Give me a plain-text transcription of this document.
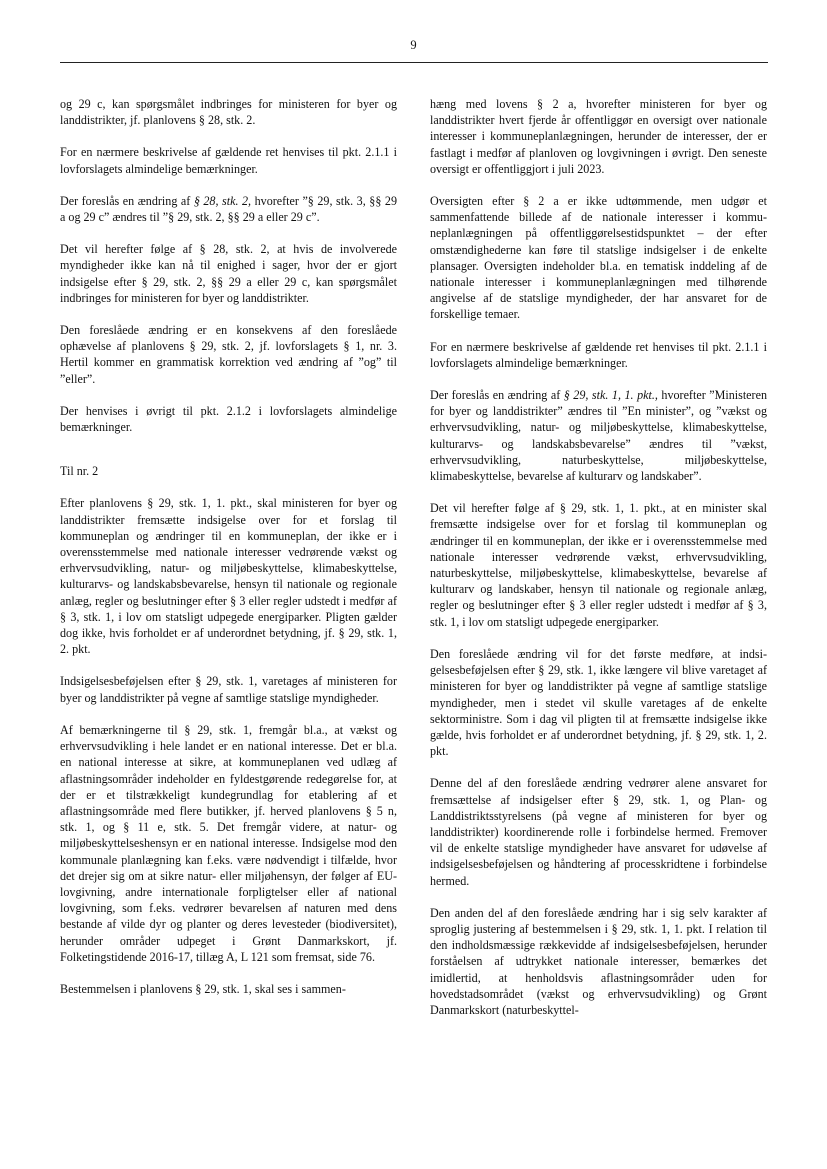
9

og 29 c, kan spørgsmålet indbringes for ministeren for byer og landdistrikter, jf. planlovens § 28, stk. 2.

For en nærmere beskrivelse af gældende ret henvises til pkt. 2.1.1 i lovforslagets almindelige bemærkninger.

Der foreslås en ændring af § 28, stk. 2, hvorefter ”§ 29, stk. 3, §§ 29 a og 29 c” ændres til ”§ 29, stk. 2, §§ 29 a eller 29 c”.

Det vil herefter følge af § 28, stk. 2, at hvis de involverede myndigheder ikke kan nå til enighed i sager, hvor der er gjort indsigelse efter § 29, stk. 2, §§ 29 a eller 29 c, kan spørgsmålet indbringes for ministeren for byer og landdistrikter.

Den foreslåede ændring er en konsekvens af den foreslåede ophævelse af planlovens § 29, stk. 2, jf. lovforslagets § 1, nr. 3. Hertil kommer en grammatisk korrektion ved ændring af ”og” til ”eller”.

Der henvises i øvrigt til pkt. 2.1.2 i lovforslagets almindelige bemærkninger.

Til nr. 2

Efter planlovens § 29, stk. 1, 1. pkt., skal ministeren for byer og landdistrikter fremsætte indsigelse over for et forslag til kommuneplan og ændringer til en kommuneplan, der ikke er i overensstemmelse med nationale interesser vedrørende vækst og erhvervsudvikling, natur- og miljøbeskyttelse, klimabeskyttelse, kulturarvs- og landskabsbevarelse, hensyn til nationale og regionale anlæg, regler og beslutninger efter § 3 eller regler udstedt i medfør af § 3, stk. 1, i lov om statsligt udpegede energiparker. Pligten gælder dog ikke, hvis forholdet er af underordnet betydning, jf. § 29, stk. 1, 2. pkt.

Indsigelsesbeføjelsen efter § 29, stk. 1, varetages af ministeren for byer og landdistrikter på vegne af samtlige statslige myndigheder.

Af bemærkningerne til § 29, stk. 1, fremgår bl.a., at vækst og erhvervsudvikling i hele landet er en national interesse. Det er bl.a. en national interesse at sikre, at kommuneplanen ved udlæg af aflastningsområder indeholder en fyldestgørende redegørelse for, at der er et tilstrækkeligt kundegrundlag for etablering af et aflastningsområde med flere butikker, jf. herved planlovens § 5 n, stk. 1, og § 11 e, stk. 5. Det fremgår videre, at natur- og miljøbeskyttelseshensyn er en national interesse. Indsigelse mod den kommunale planlægning kan f.eks. være nødvendigt i tilfælde, hvor det drejer sig om at sikre natur- eller miljøhensyn, der følger af EU-lovgivning, andre internationale forpligtelser eller af national lovgivning, som f.eks. vedrører bevarelsen af naturen med dens bestande af vilde dyr og planter og deres levesteder (biodiversitet), herunder områder udpeget i Grønt Danmarkskort, jf. Folketingstidende 2016-17, tillæg A, L 121 som fremsat, side 76.

Bestemmelsen i planlovens § 29, stk. 1, skal ses i sammen-

hæng med lovens § 2 a, hvorefter ministeren for byer og landdistrikter hvert fjerde år offentliggør en oversigt over nationale interesser i kommuneplanlægningen, herunder de interesser, der er fastlagt i medfør af planloven og lovgivningen i øvrigt. Den seneste oversigt er offentliggjort i juli 2023.

Oversigten efter § 2 a er ikke udtømmende, men udgør et sammenfattende billede af de nationale interesser i kommuneplanlægningen på offentliggørelsestidspunktet – der efter omstændighederne kan føre til statslige indsigelser i de enkelte plansager. Oversigten indeholder bl.a. en tematisk inddeling af de nationale interesser i kommuneplanlægningen med tilhørende angivelse af de statslige myndigheder, der har ansvaret for de forskellige temaer.

For en nærmere beskrivelse af gældende ret henvises til pkt. 2.1.1 i lovforslagets almindelige bemærkninger.

Der foreslås en ændring af § 29, stk. 1, 1. pkt., hvorefter ”Ministeren for byer og landdistrikter” ændres til ”En minister”, og ”vækst og erhvervsudvikling, natur- og miljøbeskyttelse, klimabeskyttelse, kulturarvs- og landskabsbevarelse” ændres til ”vækst, erhvervsudvikling, naturbeskyttelse, miljøbeskyttelse, klimabeskyttelse, bevarelse af kulturarv og landskaber”.

Det vil herefter følge af § 29, stk. 1, 1. pkt., at en minister skal fremsætte indsigelse over for et forslag til kommuneplan og ændringer til en kommuneplan, der ikke er i overensstemmelse med nationale interesser vedrørende vækst, erhvervsudvikling, naturbeskyttelse, miljøbeskyttelse, klimabeskyttelse, bevarelse af kulturarv og landskaber, hensyn til nationale og regionale anlæg, regler og beslutninger efter § 3 eller regler udstedt i medfør af § 3, stk. 1, i lov om statsligt udpegede energiparker.

Den foreslåede ændring vil for det første medføre, at indsigelsesbeføjelsen efter § 29, stk. 1, ikke længere vil blive varetaget af ministeren for byer og landdistrikter på vegne af samtlige statslige myndigheder, men i stedet vil skulle varetages af de enkelte sektorministre. Som i dag vil pligten til at fremsætte indsigelse ikke gælde, hvis forholdet er af underordnet betydning, jf. § 29, stk. 1, 2. pkt.

Denne del af den foreslåede ændring vedrører alene ansvaret for fremsættelse af indsigelser efter § 29, stk. 1, og Plan- og Landdistriktsstyrelsens (på vegne af ministeren for byer og landdistrikter) koordinerende rolle i forbindelse hermed. Fremover vil de enkelte statslige myndigheder have ansvaret for udøvelse af indsigelsesbeføjelsen og håndtering af processkridtene i forbindelse hermed.

Den anden del af den foreslåede ændring har i sig selv karakter af sproglig justering af bestemmelsen i § 29, stk. 1, 1. pkt. I relation til den indholdsmæssige rækkevidde af indsigelsesbeføjelsen, herunder forståelsen af udtrykket nationale interesser, bemærkes det imidlertid, at henholdsvis aflastningsområder uden for hovedstadsområdet (vækst og erhvervsudvikling) og Grønt Danmarkskort (naturbeskyttel-
